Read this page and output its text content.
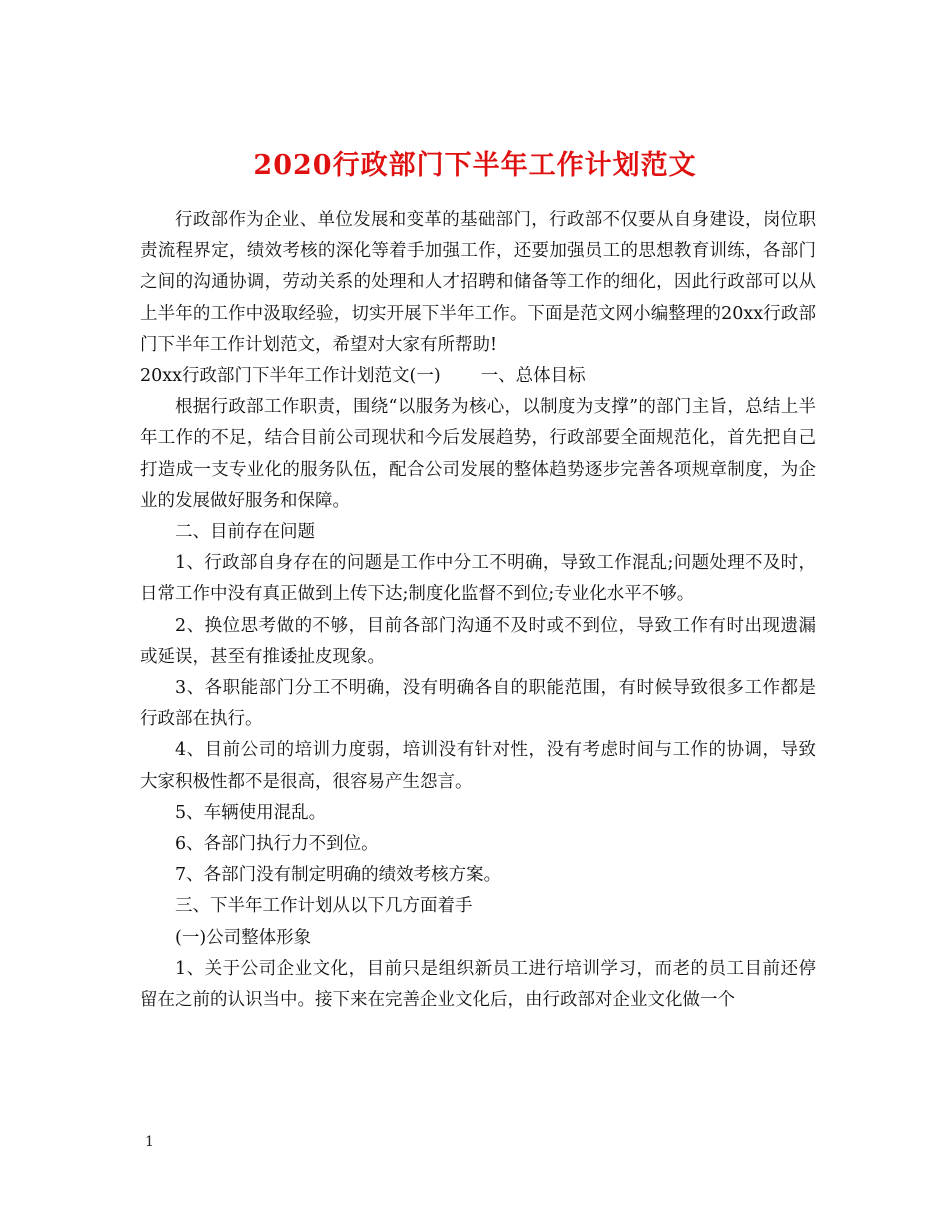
2020行政部门下半年工作计划范文

行政部作为企业、单位发展和变革的基础部门，行政部不仅要从自身建设，岗位职责流程界定，绩效考核的深化等着手加强工作，还要加强员工的思想教育训练，各部门之间的沟通协调，劳动关系的处理和人才招聘和储备等工作的细化，因此行政部可以从上半年的工作中汲取经验，切实开展下半年工作。下面是范文网小编整理的20xx行政部门下半年工作计划范文，希望对大家有所帮助!

20xx行政部门下半年工作计划范文(一) 一、总体目标

根据行政部工作职责，围绕“以服务为核心，以制度为支撑”的部门主旨，总结上半年工作的不足，结合目前公司现状和今后发展趋势，行政部要全面规范化，首先把自己打造成一支专业化的服务队伍，配合公司发展的整体趋势逐步完善各项规章制度，为企业的发展做好服务和保障。

二、目前存在问题

1、行政部自身存在的问题是工作中分工不明确，导致工作混乱;问题处理不及时，日常工作中没有真正做到上传下达;制度化监督不到位;专业化水平不够。

2、换位思考做的不够，目前各部门沟通不及时或不到位，导致工作有时出现遗漏或延误，甚至有推诿扯皮现象。

3、各职能部门分工不明确，没有明确各自的职能范围，有时候导致很多工作都是行政部在执行。

4、目前公司的培训力度弱，培训没有针对性，没有考虑时间与工作的协调，导致大家积极性都不是很高，很容易产生怨言。

5、车辆使用混乱。

6、各部门执行力不到位。

7、各部门没有制定明确的绩效考核方案。

三、下半年工作计划从以下几方面着手

(一)公司整体形象

1、关于公司企业文化，目前只是组织新员工进行培训学习，而老的员工目前还停留在之前的认识当中。接下来在完善企业文化后，由行政部对企业文化做一个

1
